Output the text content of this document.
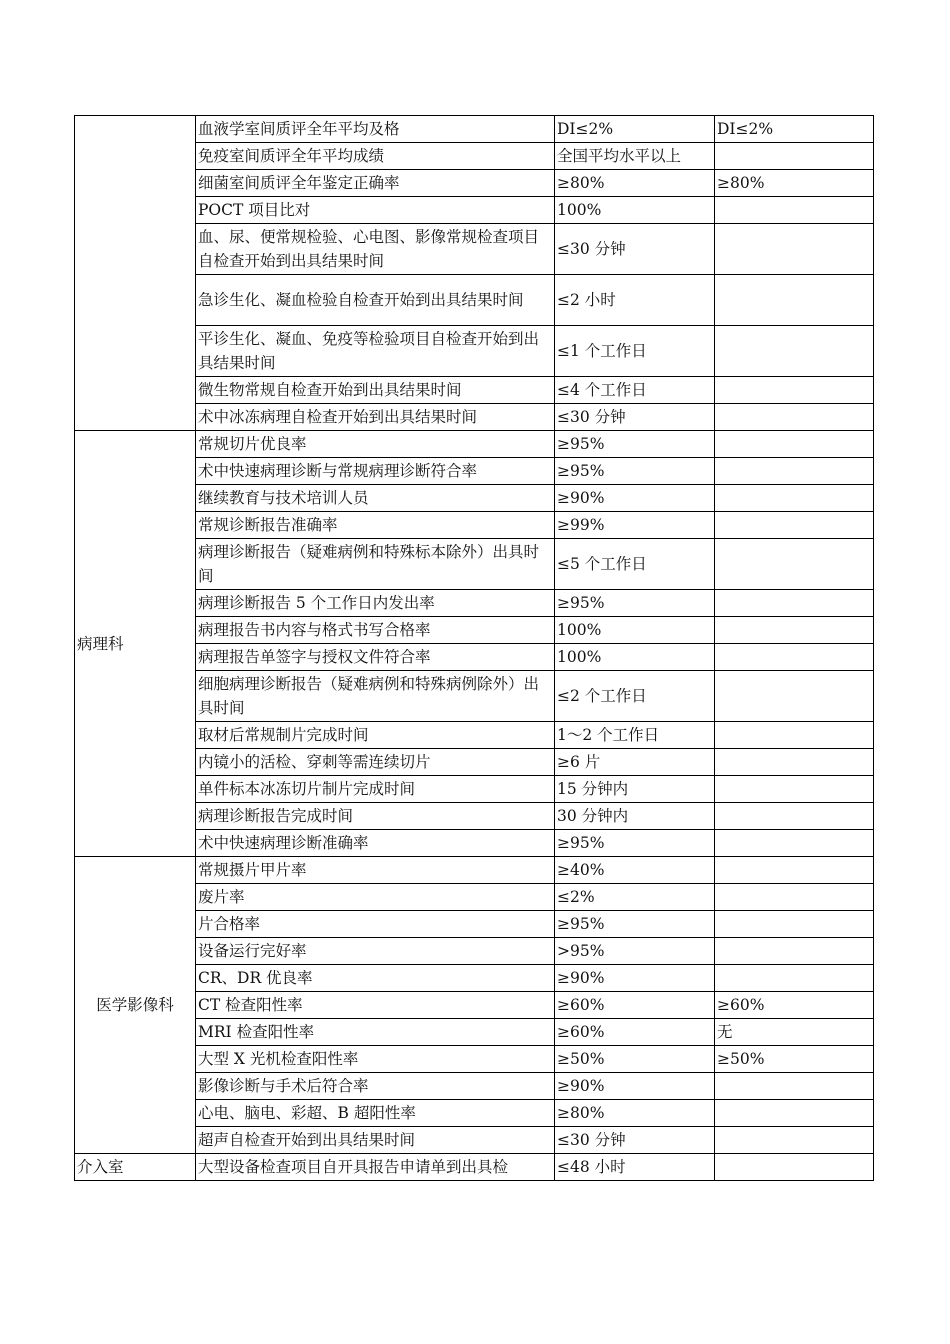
	血液学室间质评全年平均及格	DI≤2%	DI≤2%
	免疫室间质评全年平均成绩	全国平均水平以上	
	细菌室间质评全年鉴定正确率	≥80%	≥80%
	POCT 项目比对	100%	
	血、尿、便常规检验、心电图、影像常规检查项目自检查开始到出具结果时间	≤30 分钟	
	急诊生化、凝血检验自检查开始到出具结果时间	≤2 小时	
	平诊生化、凝血、免疫等检验项目自检查开始到出具结果时间	≤1 个工作日	
	微生物常规自检查开始到出具结果时间	≤4 个工作日	
	术中冰冻病理自检查开始到出具结果时间	≤30 分钟	
病理科	常规切片优良率	≥95%	
	术中快速病理诊断与常规病理诊断符合率	≥95%	
	继续教育与技术培训人员	≥90%	
	常规诊断报告准确率	≥99%	
	病理诊断报告（疑难病例和特殊标本除外）出具时间	≤5 个工作日	
	病理诊断报告 5 个工作日内发出率	≥95%	
	病理报告书内容与格式书写合格率	100%	
	病理报告单签字与授权文件符合率	100%	
	细胞病理诊断报告（疑难病例和特殊病例除外）出具时间	≤2 个工作日	
	取材后常规制片完成时间	1～2 个工作日	
	内镜小的活检、穿刺等需连续切片	≥6 片	
	单件标本冰冻切片制片完成时间	15 分钟内	
	病理诊断报告完成时间	30 分钟内	
	术中快速病理诊断准确率	≥95%	
医学影像科	常规摄片甲片率	≥40%	
	废片率	≤2%	
	片合格率	≥95%	
	设备运行完好率	>95%	
	CR、DR 优良率	≥90%	
	CT 检查阳性率	≥60%	≥60%
	MRI 检查阳性率	≥60%	无
	大型 X 光机检查阳性率	≥50%	≥50%
	影像诊断与手术后符合率	≥90%	
	心电、脑电、彩超、B 超阳性率	≥80%	
	超声自检查开始到出具结果时间	≤30 分钟	
介入室	大型设备检查项目自开具报告申请单到出具检	≤48 小时	
